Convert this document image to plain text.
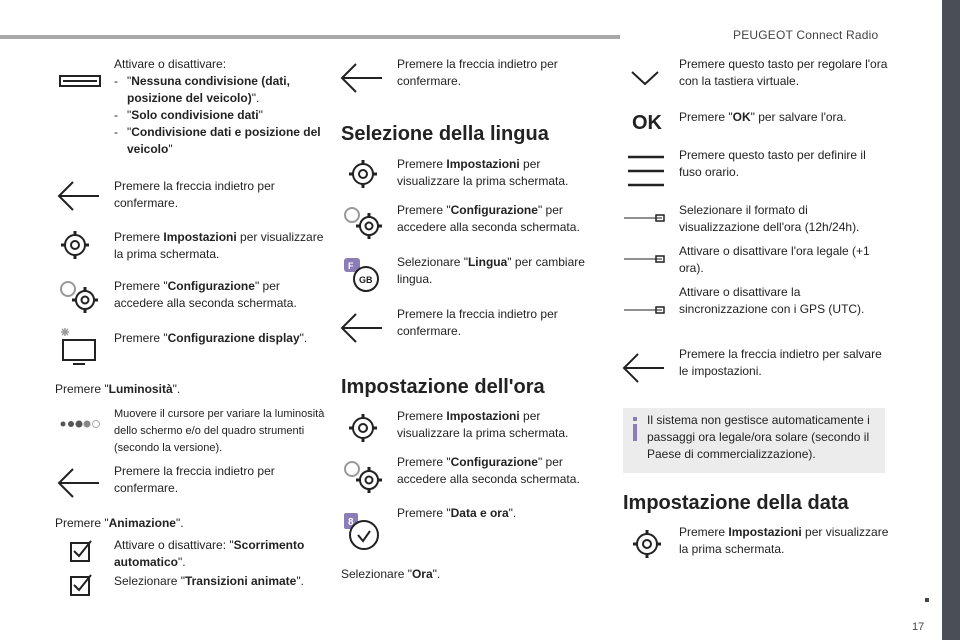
PEUGEOT Connect Radio
17
Attivare o disattivare:
- "Nessuna condivisione (dati, posizione del veicolo)".
- "Solo condivisione dati"
- "Condivisione dati e posizione del veicolo"
Premere la freccia indietro per confermare.
Premere Impostazioni per visualizzare la prima schermata.
Premere "Configurazione" per accedere alla seconda schermata.
Premere "Configurazione display".
Premere "Luminosità".
Muovere il cursore per variare la luminosità dello schermo e/o del quadro strumenti (secondo la versione).
Premere la freccia indietro per confermare.
Premere "Animazione".
Attivare o disattivare: "Scorrimento automatico".
Selezionare "Transizioni animate".
Premere la freccia indietro per confermare.
Selezione della lingua
Premere Impostazioni per visualizzare la prima schermata.
Premere "Configurazione" per accedere alla seconda schermata.
F
GB
Selezionare "Lingua" per cambiare lingua.
Premere la freccia indietro per confermare.
Impostazione dell'ora
Premere Impostazioni per visualizzare la prima schermata.
Premere "Configurazione" per accedere alla seconda schermata.
8
Premere "Data e ora".
Selezionare "Ora".
Premere questo tasto per regolare l'ora con la tastiera virtuale.
OK	Premere "OK" per salvare l'ora.
Premere questo tasto per definire il fuso orario.
Selezionare il formato di visualizzazione dell'ora (12h/24h).
Attivare o disattivare l'ora legale (+1 ora).
Attivare o disattivare la sincronizzazione con i GPS (UTC).
Premere la freccia indietro per salvare le impostazioni.
Impostazione della data
Premere Impostazioni per visualizzare la prima schermata.
Il sistema non gestisce automaticamente i passaggi ora legale/ora solare (secondo il Paese di commercializzazione).
